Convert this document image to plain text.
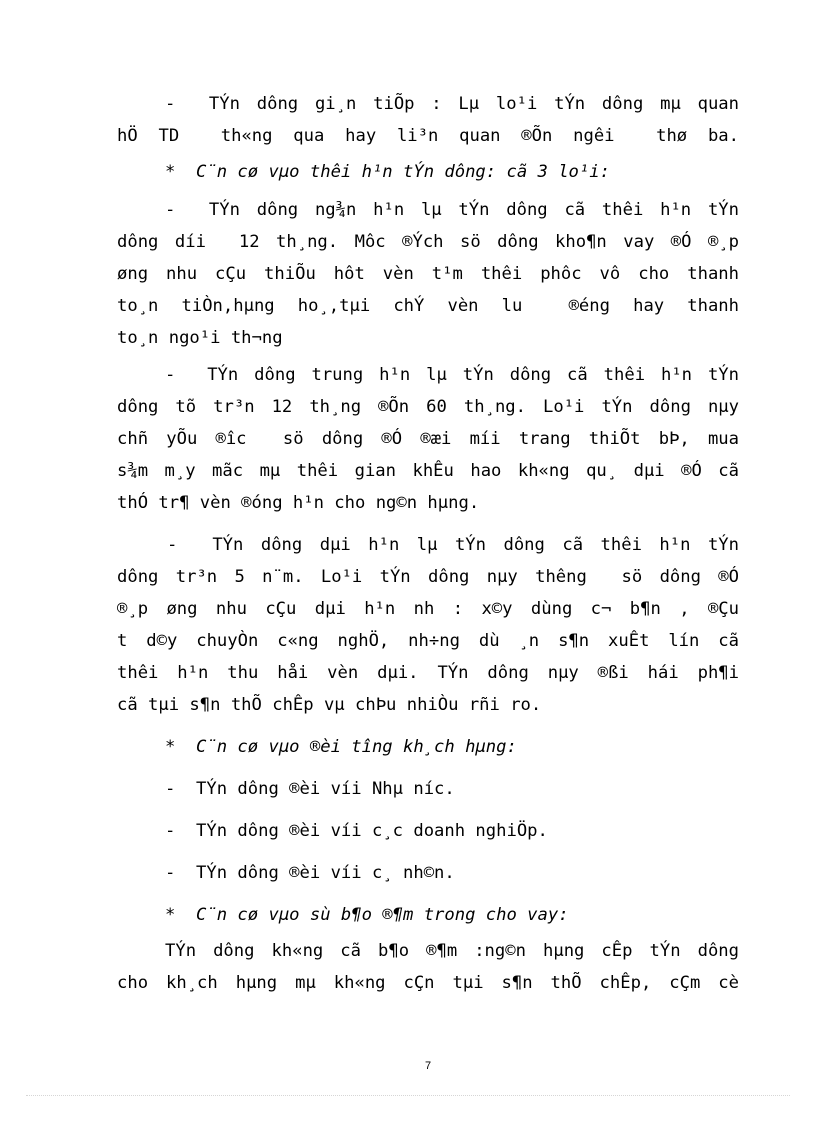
-  TÝn dông gi¸n tiÕp : Lµ lo¹i tÝn dông mµ quan

hÖ TD  th«ng qua hay li³n quan ®Õn ngêi  thø ba.

*  C¨n cø vµo thêi h¹n tÝn dông: cã 3 lo¹i:

-  TÝn dông ng¾n h¹n lµ tÝn dông cã thêi h¹n tÝn

dông díi  12 th¸ng. Môc ®Ých sö dông kho¶n vay ®Ó ®¸p

øng nhu cÇu thiÕu hôt vèn t¹m thêi phôc vô cho thanh

to¸n tiÒn,hµng ho¸,tµi chÝ vèn lu  ®éng hay thanh

to¸n ngo¹i th¬ng

-  TÝn dông trung h¹n lµ tÝn dông cã thêi h¹n tÝn

dông tõ tr³n 12 th¸ng ®Õn 60 th¸ng. Lo¹i tÝn dông nµy

chñ yÕu ®îc  sö dông ®Ó ®æi míi trang thiÕt bÞ, mua

s¾m m¸y mãc mµ thêi gian khÊu hao kh«ng qu¸ dµi ®Ó cã

thÓ tr¶ vèn ®óng h¹n cho ng©n hµng.

-  TÝn dông dµi h¹n lµ tÝn dông cã thêi h¹n tÝn

dông tr³n 5 n¨m. Lo¹i tÝn dông nµy thêng  sö dông ®Ó

®¸p øng nhu cÇu dµi h¹n nh : x©y dùng c¬ b¶n , ®Çu

t d©y chuyÒn c«ng nghÖ, nh÷ng dù ¸n s¶n xuÊt lín cã

thêi h¹n thu håi vèn dµi. TÝn dông nµy ®ßi hái ph¶i

cã tµi s¶n thÕ chÊp vµ chÞu nhiÒu rñi ro.

*  C¨n cø vµo ®èi tîng kh¸ch hµng:

-  TÝn dông ®èi víi Nhµ níc.

-  TÝn dông ®èi víi c¸c doanh nghiÖp.

-  TÝn dông ®èi víi c¸ nh©n.

*  C¨n cø vµo sù b¶o ®¶m trong cho vay:

TÝn dông kh«ng cã b¶o ®¶m :ng©n hµng cÊp tÝn dông

cho kh¸ch hµng mµ kh«ng cÇn tµi s¶n thÕ chÊp, cÇm cè

7
